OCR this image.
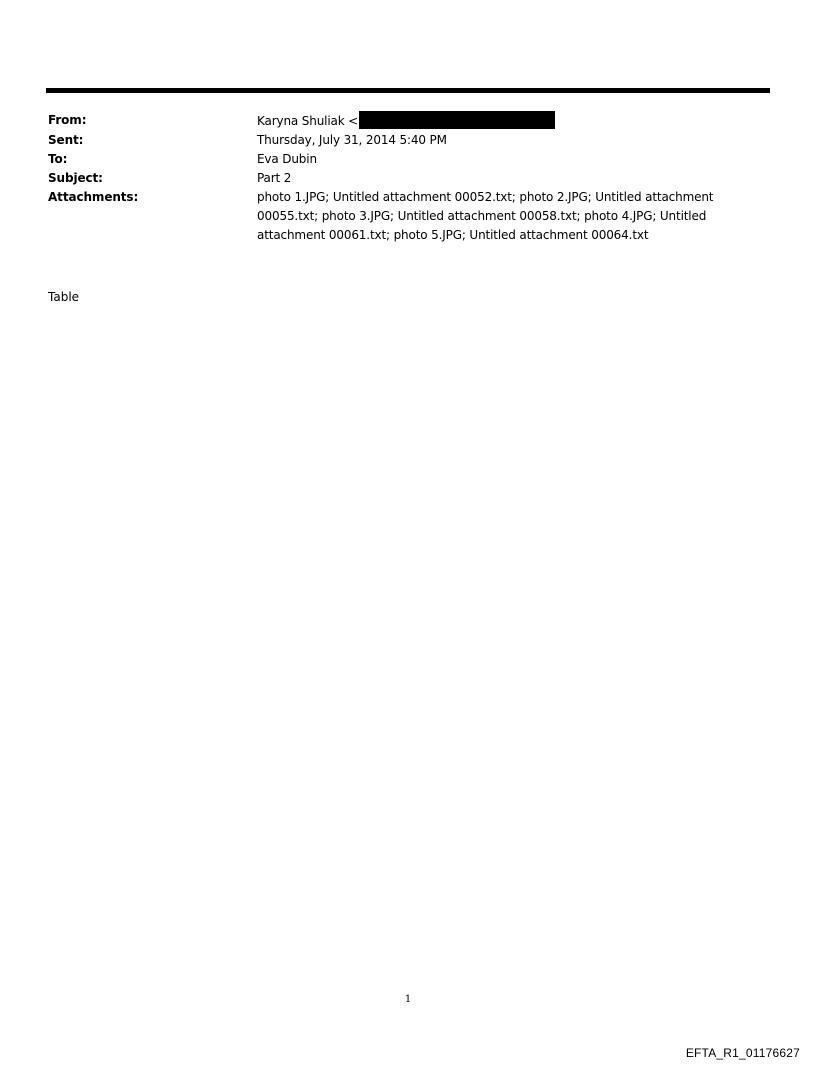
From:	Karyna Shuliak <
Sent:	Thursday, July 31, 2014 5:40 PM
To:	Eva Dubin
Subject:	Part 2
Attachments:	photo 1.JPG; Untitled attachment 00052.txt; photo 2.JPG; Untitled attachment 00055.txt; photo 3.JPG; Untitled attachment 00058.txt; photo 4.JPG; Untitled attachment 00061.txt; photo 5.JPG; Untitled attachment 00064.txt
Table
1
EFTA_R1_01176627
